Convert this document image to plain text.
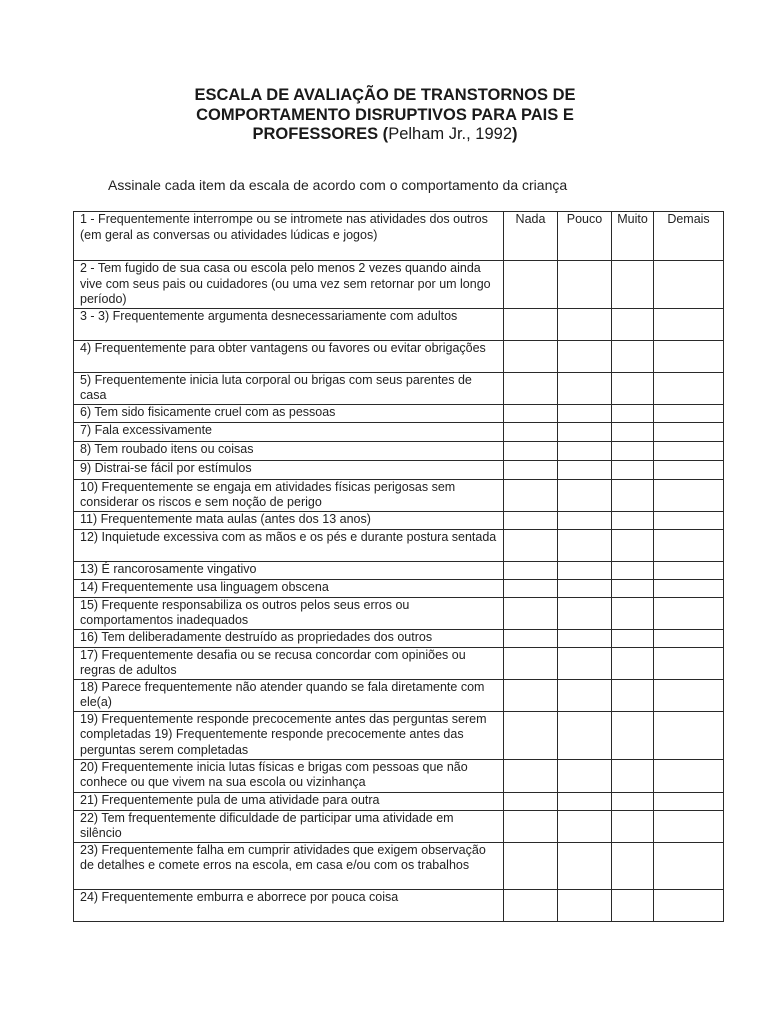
ESCALA DE AVALIAÇÃO DE TRANSTORNOS DE
COMPORTAMENTO DISRUPTIVOS PARA PAIS E
PROFESSORES (Pelham Jr., 1992)
Assinale cada item da escala de acordo com o comportamento da criança
1 - Frequentemente interrompe ou se intromete nas atividades dos outros (em geral as conversas ou atividades lúdicas e jogos)	Nada	Pouco	Muito	Demais
2 - Tem fugido de sua casa ou escola pelo menos 2 vezes quando ainda vive com seus pais ou cuidadores (ou uma vez sem retornar por um longo período)				
3 - 3) Frequentemente argumenta desnecessariamente com adultos				
4) Frequentemente para obter vantagens ou favores ou evitar obrigações				
5) Frequentemente inicia luta corporal ou brigas com seus parentes de casa				
6) Tem sido fisicamente cruel com as pessoas				
7) Fala excessivamente				
8) Tem roubado itens ou coisas				
9) Distrai-se fácil por estímulos				
10) Frequentemente se engaja em atividades físicas perigosas sem considerar os riscos e sem noção de perigo				
11) Frequentemente mata aulas (antes dos 13 anos)				
12) Inquietude excessiva com as mãos e os pés e durante postura sentada				
13) É rancorosamente vingativo				
14) Frequentemente usa linguagem obscena				
15) Frequente responsabiliza os outros pelos seus erros ou comportamentos inadequados				
16) Tem deliberadamente destruído as propriedades dos outros				
17) Frequentemente desafia ou se recusa concordar com opiniões ou regras de adultos				
18) Parece frequentemente não atender quando se fala diretamente com ele(a)				
19) Frequentemente responde precocemente antes das perguntas serem completadas 19) Frequentemente responde precocemente antes das perguntas serem completadas				
20) Frequentemente inicia lutas físicas e brigas com pessoas que não conhece ou que vivem na sua escola ou vizinhança				
21) Frequentemente pula de uma atividade para outra				
22) Tem frequentemente dificuldade de participar uma atividade em silêncio				
23) Frequentemente falha em cumprir atividades que exigem observação de detalhes e comete erros na escola, em casa e/ou com os trabalhos				
24) Frequentemente emburra e aborrece por pouca coisa				
